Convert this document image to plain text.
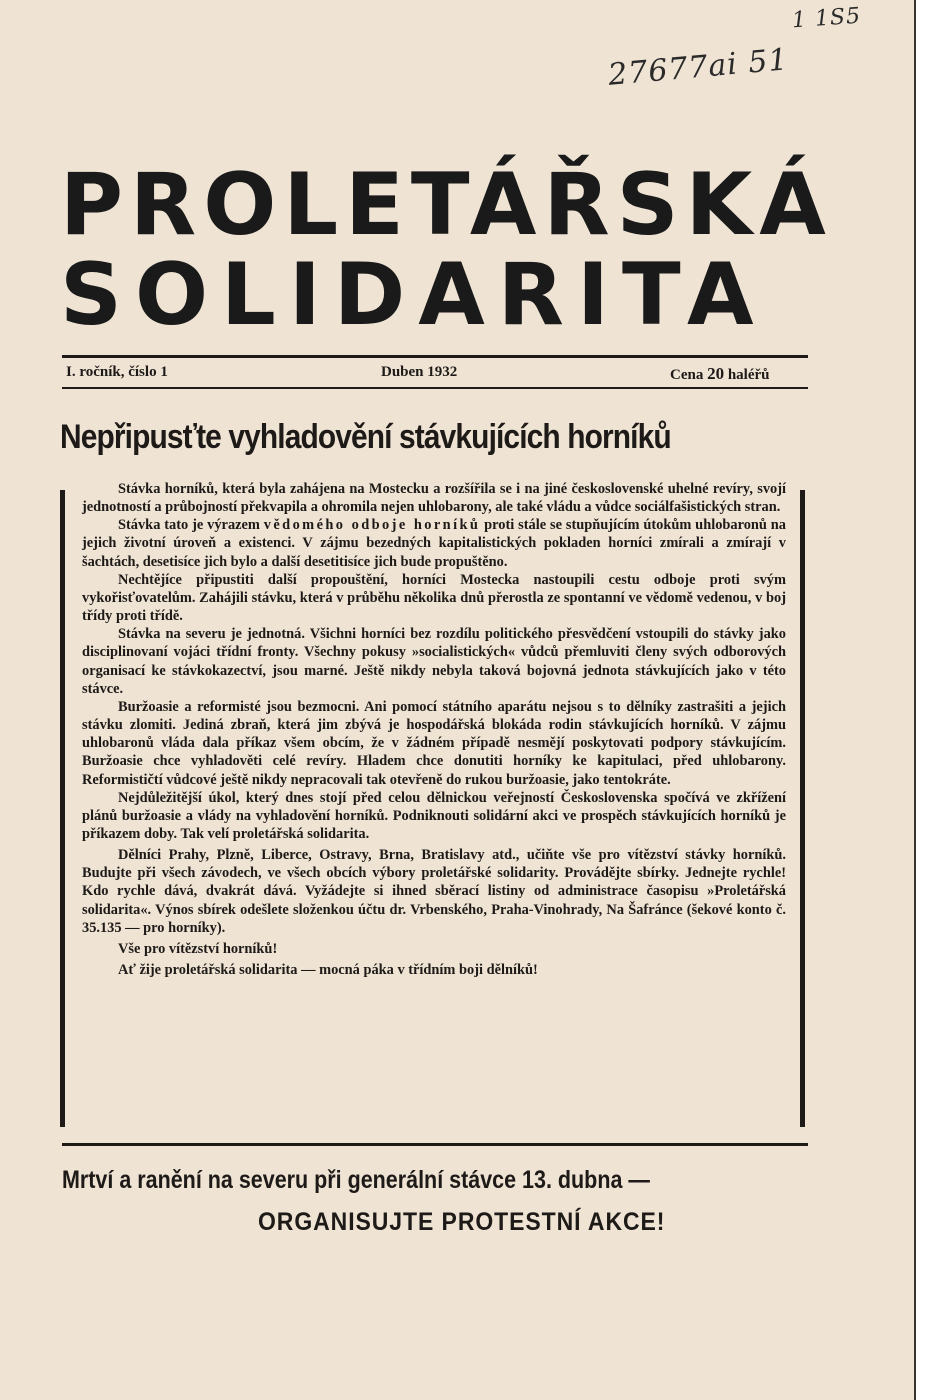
1 1S5
27677ai 51
PROLETÁŘSKÁ
SOLIDARITA
I. ročník, číslo 1	Duben 1932	Cena 20 haléřů
Nepřipusťte vyhladovění stávkujících horníků

Stávka horníků, která byla zahájena na Mostecku a rozšířila se i na jiné československé uhelné revíry, svojí jednotností a průbojností překvapila a ohromila nejen uhlobarony, ale také vládu a vůdce sociálfašistických stran.

Stávka tato je výrazem vědomého odboje horníků proti stále se stupňujícím útokům uhlobaronů na jejich životní úroveň a existenci. V zájmu bezedných kapitalistických pokladen horníci zmírali a zmírají v šachtách, desetisíce jich bylo a další desetitisíce jich bude propuštěno.

Nechtějíce připustiti další propouštění, horníci Mostecka nastoupili cestu odboje proti svým vykořisťovatelům. Zahájili stávku, která v průběhu několika dnů přerostla ze spontanní ve vědomě vedenou, v boj třídy proti třídě.

Stávka na severu je jednotná. Všichni horníci bez rozdílu politického přesvědčení vstoupili do stávky jako disciplinovaní vojáci třídní fronty. Všechny pokusy »socialistických« vůdců přemluviti členy svých odborových organisací ke stávkokazectví, jsou marné. Ještě nikdy nebyla taková bojovná jednota stávkujících jako v této stávce.

Buržoasie a reformisté jsou bezmocni. Ani pomocí státního aparátu nejsou s to dělníky zastrašiti a jejich stávku zlomiti. Jediná zbraň, která jim zbývá je hospodářská blokáda rodin stávkujících horníků. V zájmu uhlobaronů vláda dala příkaz všem obcím, že v žádném případě nesmějí poskytovati podpory stávkujícím. Buržoasie chce vyhladověti celé revíry. Hladem chce donutiti horníky ke kapitulaci, před uhlobarony. Reformističtí vůdcové ještě nikdy nepracovali tak otevřeně do rukou buržoasie, jako tentokráte.

Nejdůležitější úkol, který dnes stojí před celou dělnickou veřejností Československa spočívá ve zkřížení plánů buržoasie a vlády na vyhladovění horníků. Podniknouti solidární akci ve prospěch stávkujících horníků je příkazem doby. Tak velí proletářská solidarita.

Dělníci Prahy, Plzně, Liberce, Ostravy, Brna, Bratislavy atd., učiňte vše pro vítězství stávky horníků. Budujte při všech závodech, ve všech obcích výbory proletářské solidarity. Provádějte sbírky. Jednejte rychle! Kdo rychle dává, dvakrát dává. Vyžádejte si ihned sběrací listiny od administrace časopisu »Proletářská solidarita«. Výnos sbírek odešlete složenkou účtu dr. Vrbenského, Praha-Vinohrady, Na Šafránce (šekové konto č. 35.135 — pro horníky).

Vše pro vítězství horníků!

Ať žije proletářská solidarita — mocná páka v třídním boji dělníků!

Mrtví a ranění na severu při generální stávce 13. dubna —
ORGANISUJTE PROTESTNÍ AKCE!
